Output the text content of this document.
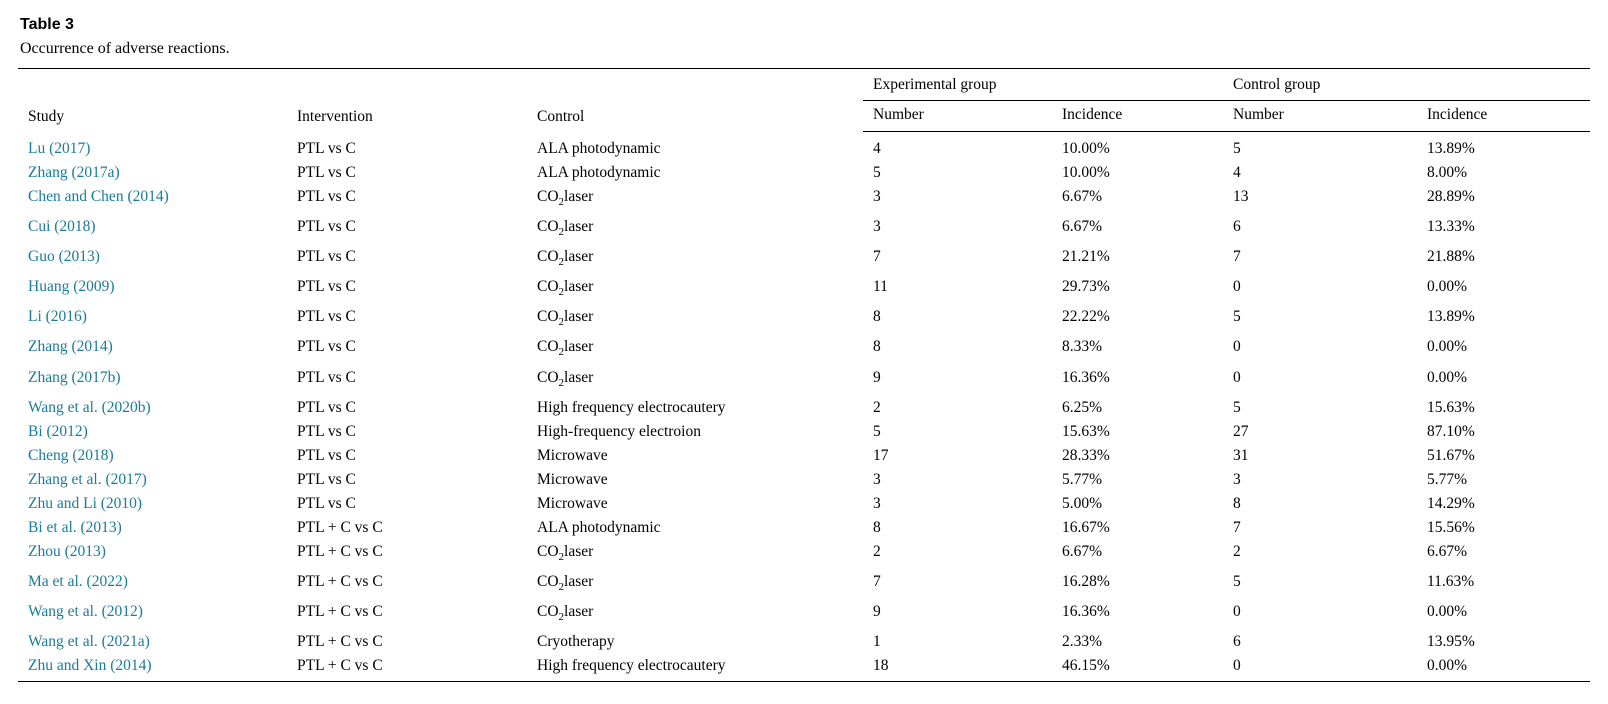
Table 3
Occurrence of adverse reactions.
Study	Intervention	Control	Experimental group		Control group	
			Number	Incidence	Number	Incidence
Lu (2017)	PTL vs C	ALA photodynamic	4	10.00%	5	13.89%
Zhang (2017a)	PTL vs C	ALA photodynamic	5	10.00%	4	8.00%
Chen and Chen (2014)	PTL vs C	$CO_2laser$	3	6.67%	13	28.89%
Cui (2018)	PTL vs C	$CO_2laser$	3	6.67%	6	13.33%
Guo (2013)	PTL vs C	$CO_2laser$	7	21.21%	7	21.88%
Huang (2009)	PTL vs C	$CO_2laser$	11	29.73%	0	0.00%
Li (2016)	PTL vs C	$CO_2laser$	8	22.22%	5	13.89%
Zhang (2014)	PTL vs C	$CO_2laser$	8	8.33%	0	0.00%
Zhang (2017b)	PTL vs C	$CO_2laser$	9	16.36%	0	0.00%
Wang et al. (2020b)	PTL vs C	High frequency electrocautery	2	6.25%	5	15.63%
Bi (2012)	PTL vs C	High-frequency electroion	5	15.63%	27	87.10%
Cheng (2018)	PTL vs C	Microwave	17	28.33%	31	51.67%
Zhang et al. (2017)	PTL vs C	Microwave	3	5.77%	3	5.77%
Zhu and Li (2010)	PTL vs C	Microwave	3	5.00%	8	14.29%
Bi et al. (2013)	PTL + C vs C	ALA photodynamic	8	16.67%	7	15.56%
Zhou (2013)	PTL + C vs C	$CO_2laser$	2	6.67%	2	6.67%
Ma et al. (2022)	PTL + C vs C	$CO_2laser$	7	16.28%	5	11.63%
Wang et al. (2012)	PTL + C vs C	$CO_2laser$	9	16.36%	0	0.00%
Wang et al. (2021a)	PTL + C vs C	Cryotherapy	1	2.33%	6	13.95%
Zhu and Xin (2014)	PTL + C vs C	High frequency electrocautery	18	46.15%	0	0.00%
